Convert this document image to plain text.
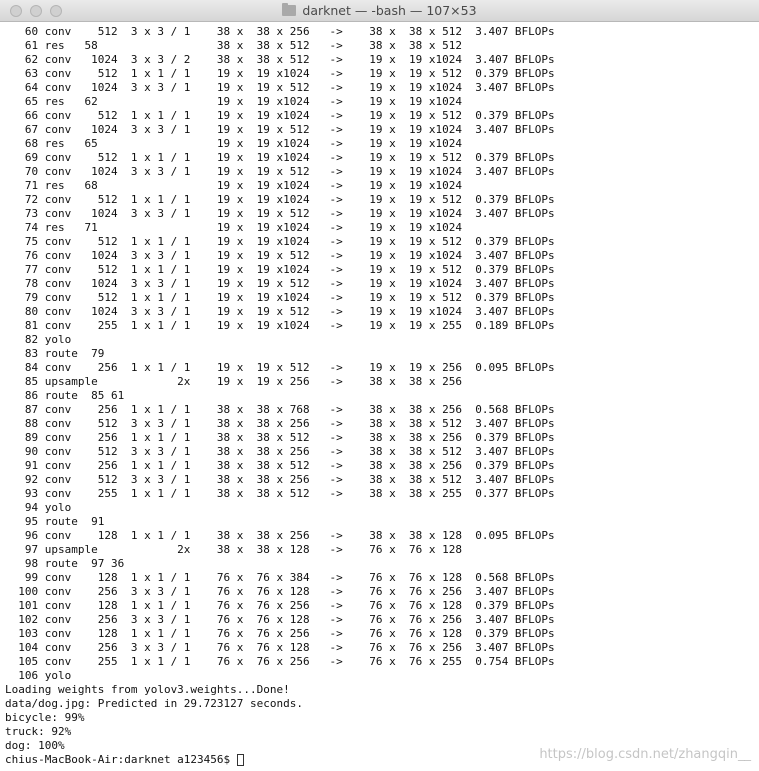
darknet — -bash — 107×53
60 conv    512  3 x 3 / 1    38 x  38 x 256   ->    38 x  38 x 512  3.407 BFLOPs
61 res   58                  38 x  38 x 512   ->    38 x  38 x 512
62 conv   1024  3 x 3 / 2    38 x  38 x 512   ->    19 x  19 x1024  3.407 BFLOPs
63 conv    512  1 x 1 / 1    19 x  19 x1024   ->    19 x  19 x 512  0.379 BFLOPs
64 conv   1024  3 x 3 / 1    19 x  19 x 512   ->    19 x  19 x1024  3.407 BFLOPs
65 res   62                  19 x  19 x1024   ->    19 x  19 x1024
66 conv    512  1 x 1 / 1    19 x  19 x1024   ->    19 x  19 x 512  0.379 BFLOPs
67 conv   1024  3 x 3 / 1    19 x  19 x 512   ->    19 x  19 x1024  3.407 BFLOPs
68 res   65                  19 x  19 x1024   ->    19 x  19 x1024
69 conv    512  1 x 1 / 1    19 x  19 x1024   ->    19 x  19 x 512  0.379 BFLOPs
70 conv   1024  3 x 3 / 1    19 x  19 x 512   ->    19 x  19 x1024  3.407 BFLOPs
71 res   68                  19 x  19 x1024   ->    19 x  19 x1024
72 conv    512  1 x 1 / 1    19 x  19 x1024   ->    19 x  19 x 512  0.379 BFLOPs
73 conv   1024  3 x 3 / 1    19 x  19 x 512   ->    19 x  19 x1024  3.407 BFLOPs
74 res   71                  19 x  19 x1024   ->    19 x  19 x1024
75 conv    512  1 x 1 / 1    19 x  19 x1024   ->    19 x  19 x 512  0.379 BFLOPs
76 conv   1024  3 x 3 / 1    19 x  19 x 512   ->    19 x  19 x1024  3.407 BFLOPs
77 conv    512  1 x 1 / 1    19 x  19 x1024   ->    19 x  19 x 512  0.379 BFLOPs
78 conv   1024  3 x 3 / 1    19 x  19 x 512   ->    19 x  19 x1024  3.407 BFLOPs
79 conv    512  1 x 1 / 1    19 x  19 x1024   ->    19 x  19 x 512  0.379 BFLOPs
80 conv   1024  3 x 3 / 1    19 x  19 x 512   ->    19 x  19 x1024  3.407 BFLOPs
81 conv    255  1 x 1 / 1    19 x  19 x1024   ->    19 x  19 x 255  0.189 BFLOPs
82 yolo
83 route  79
84 conv    256  1 x 1 / 1    19 x  19 x 512   ->    19 x  19 x 256  0.095 BFLOPs
85 upsample            2x    19 x  19 x 256   ->    38 x  38 x 256
86 route  85 61
87 conv    256  1 x 1 / 1    38 x  38 x 768   ->    38 x  38 x 256  0.568 BFLOPs
88 conv    512  3 x 3 / 1    38 x  38 x 256   ->    38 x  38 x 512  3.407 BFLOPs
89 conv    256  1 x 1 / 1    38 x  38 x 512   ->    38 x  38 x 256  0.379 BFLOPs
90 conv    512  3 x 3 / 1    38 x  38 x 256   ->    38 x  38 x 512  3.407 BFLOPs
91 conv    256  1 x 1 / 1    38 x  38 x 512   ->    38 x  38 x 256  0.379 BFLOPs
92 conv    512  3 x 3 / 1    38 x  38 x 256   ->    38 x  38 x 512  3.407 BFLOPs
93 conv    255  1 x 1 / 1    38 x  38 x 512   ->    38 x  38 x 255  0.377 BFLOPs
94 yolo
95 route  91
96 conv    128  1 x 1 / 1    38 x  38 x 256   ->    38 x  38 x 128  0.095 BFLOPs
97 upsample            2x    38 x  38 x 128   ->    76 x  76 x 128
98 route  97 36
99 conv    128  1 x 1 / 1    76 x  76 x 384   ->    76 x  76 x 128  0.568 BFLOPs
100 conv    256  3 x 3 / 1    76 x  76 x 128   ->    76 x  76 x 256  3.407 BFLOPs
101 conv    128  1 x 1 / 1    76 x  76 x 256   ->    76 x  76 x 128  0.379 BFLOPs
102 conv    256  3 x 3 / 1    76 x  76 x 128   ->    76 x  76 x 256  3.407 BFLOPs
103 conv    128  1 x 1 / 1    76 x  76 x 256   ->    76 x  76 x 128  0.379 BFLOPs
104 conv    256  3 x 3 / 1    76 x  76 x 128   ->    76 x  76 x 256  3.407 BFLOPs
105 conv    255  1 x 1 / 1    76 x  76 x 256   ->    76 x  76 x 255  0.754 BFLOPs
106 yolo
Loading weights from yolov3.weights...Done!
data/dog.jpg: Predicted in 29.723127 seconds.
bicycle: 99%
truck: 92%
dog: 100%
chius-MacBook-Air:darknet a123456$	https://blog.csdn.net/zhangqin__
